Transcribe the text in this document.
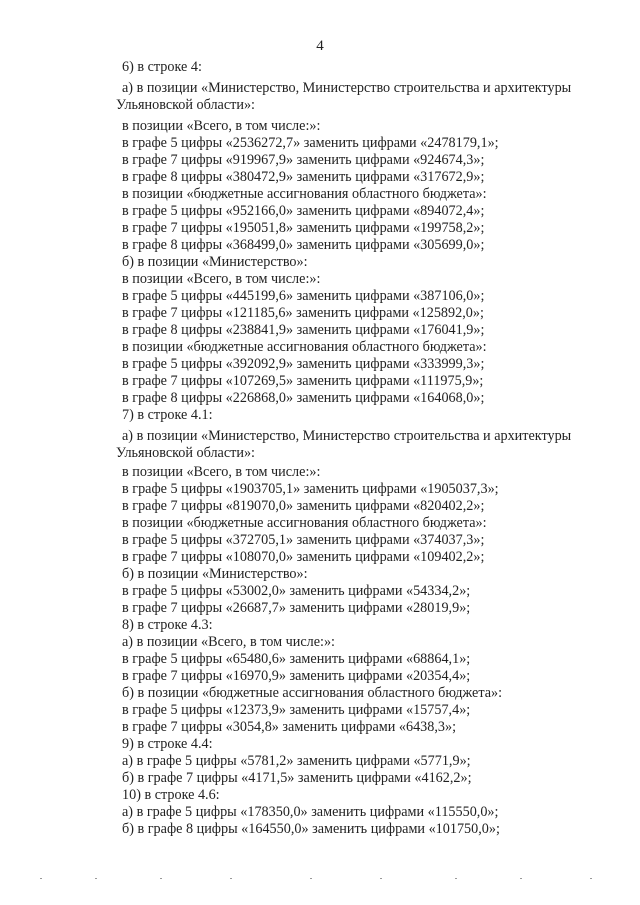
4
6) в строке 4:
а) в позиции «Министерство, Министерство строительства и архитектуры
Ульяновской области»:
в позиции «Всего, в том числе:»:
в графе 5 цифры «2536272,7» заменить цифрами «2478179,1»;
в графе 7 цифры «919967,9» заменить цифрами «924674,3»;
в графе 8 цифры «380472,9» заменить цифрами «317672,9»;
в позиции «бюджетные ассигнования областного бюджета»:
в графе 5 цифры «952166,0» заменить цифрами «894072,4»;
в графе 7 цифры «195051,8» заменить цифрами «199758,2»;
в графе 8 цифры «368499,0» заменить цифрами «305699,0»;
б) в позиции «Министерство»:
в позиции «Всего, в том числе:»:
в графе 5 цифры «445199,6» заменить цифрами «387106,0»;
в графе 7 цифры «121185,6» заменить цифрами «125892,0»;
в графе 8 цифры «238841,9» заменить цифрами «176041,9»;
в позиции «бюджетные ассигнования областного бюджета»:
в графе 5 цифры «392092,9» заменить цифрами «333999,3»;
в графе 7 цифры «107269,5» заменить цифрами «111975,9»;
в графе 8 цифры «226868,0» заменить цифрами «164068,0»;
7) в строке 4.1:
а) в позиции «Министерство, Министерство строительства и архитектуры
Ульяновской области»:
в позиции «Всего, в том числе:»:
в графе 5 цифры «1903705,1» заменить цифрами «1905037,3»;
в графе 7 цифры «819070,0» заменить цифрами «820402,2»;
в позиции «бюджетные ассигнования областного бюджета»:
в графе 5 цифры «372705,1» заменить цифрами «374037,3»;
в графе 7 цифры «108070,0» заменить цифрами «109402,2»;
б) в позиции «Министерство»:
в графе 5 цифры «53002,0» заменить цифрами «54334,2»;
в графе 7 цифры «26687,7» заменить цифрами «28019,9»;
8) в строке 4.3:
а) в позиции «Всего, в том числе:»:
в графе 5 цифры «65480,6» заменить цифрами «68864,1»;
в графе 7 цифры «16970,9» заменить цифрами «20354,4»;
б) в позиции «бюджетные ассигнования областного бюджета»:
в графе 5 цифры «12373,9» заменить цифрами «15757,4»;
в графе 7 цифры «3054,8» заменить цифрами «6438,3»;
9) в строке 4.4:
а) в графе 5 цифры «5781,2» заменить цифрами «5771,9»;
б) в графе 7 цифры «4171,5» заменить цифрами «4162,2»;
10) в строке 4.6:
а) в графе 5 цифры «178350,0» заменить цифрами «115550,0»;
б) в графе 8 цифры «164550,0» заменить цифрами «101750,0»;
